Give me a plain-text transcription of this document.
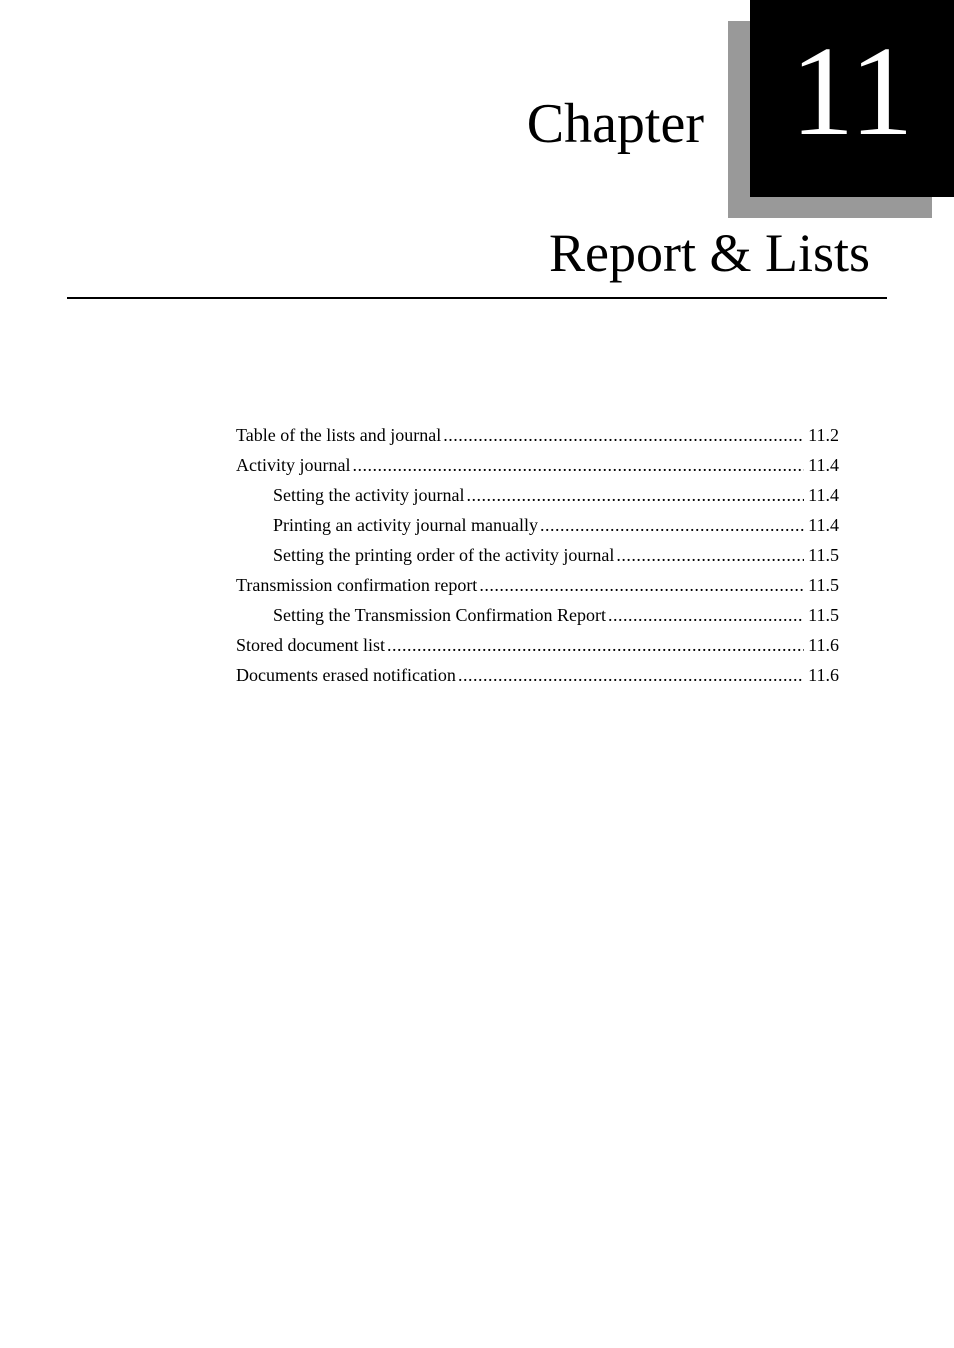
Chapter 11
Report & Lists
Table of the lists and journal .....	11.2
Activity journal .....	11.4
Setting the activity journal .....	11.4
Printing an activity journal manually .....	11.4
Setting the printing order of the activity journal .....	11.5
Transmission confirmation report .....	11.5
Setting the Transmission Confirmation Report .....	11.5
Stored document list .....	11.6
Documents erased notification .....	11.6
